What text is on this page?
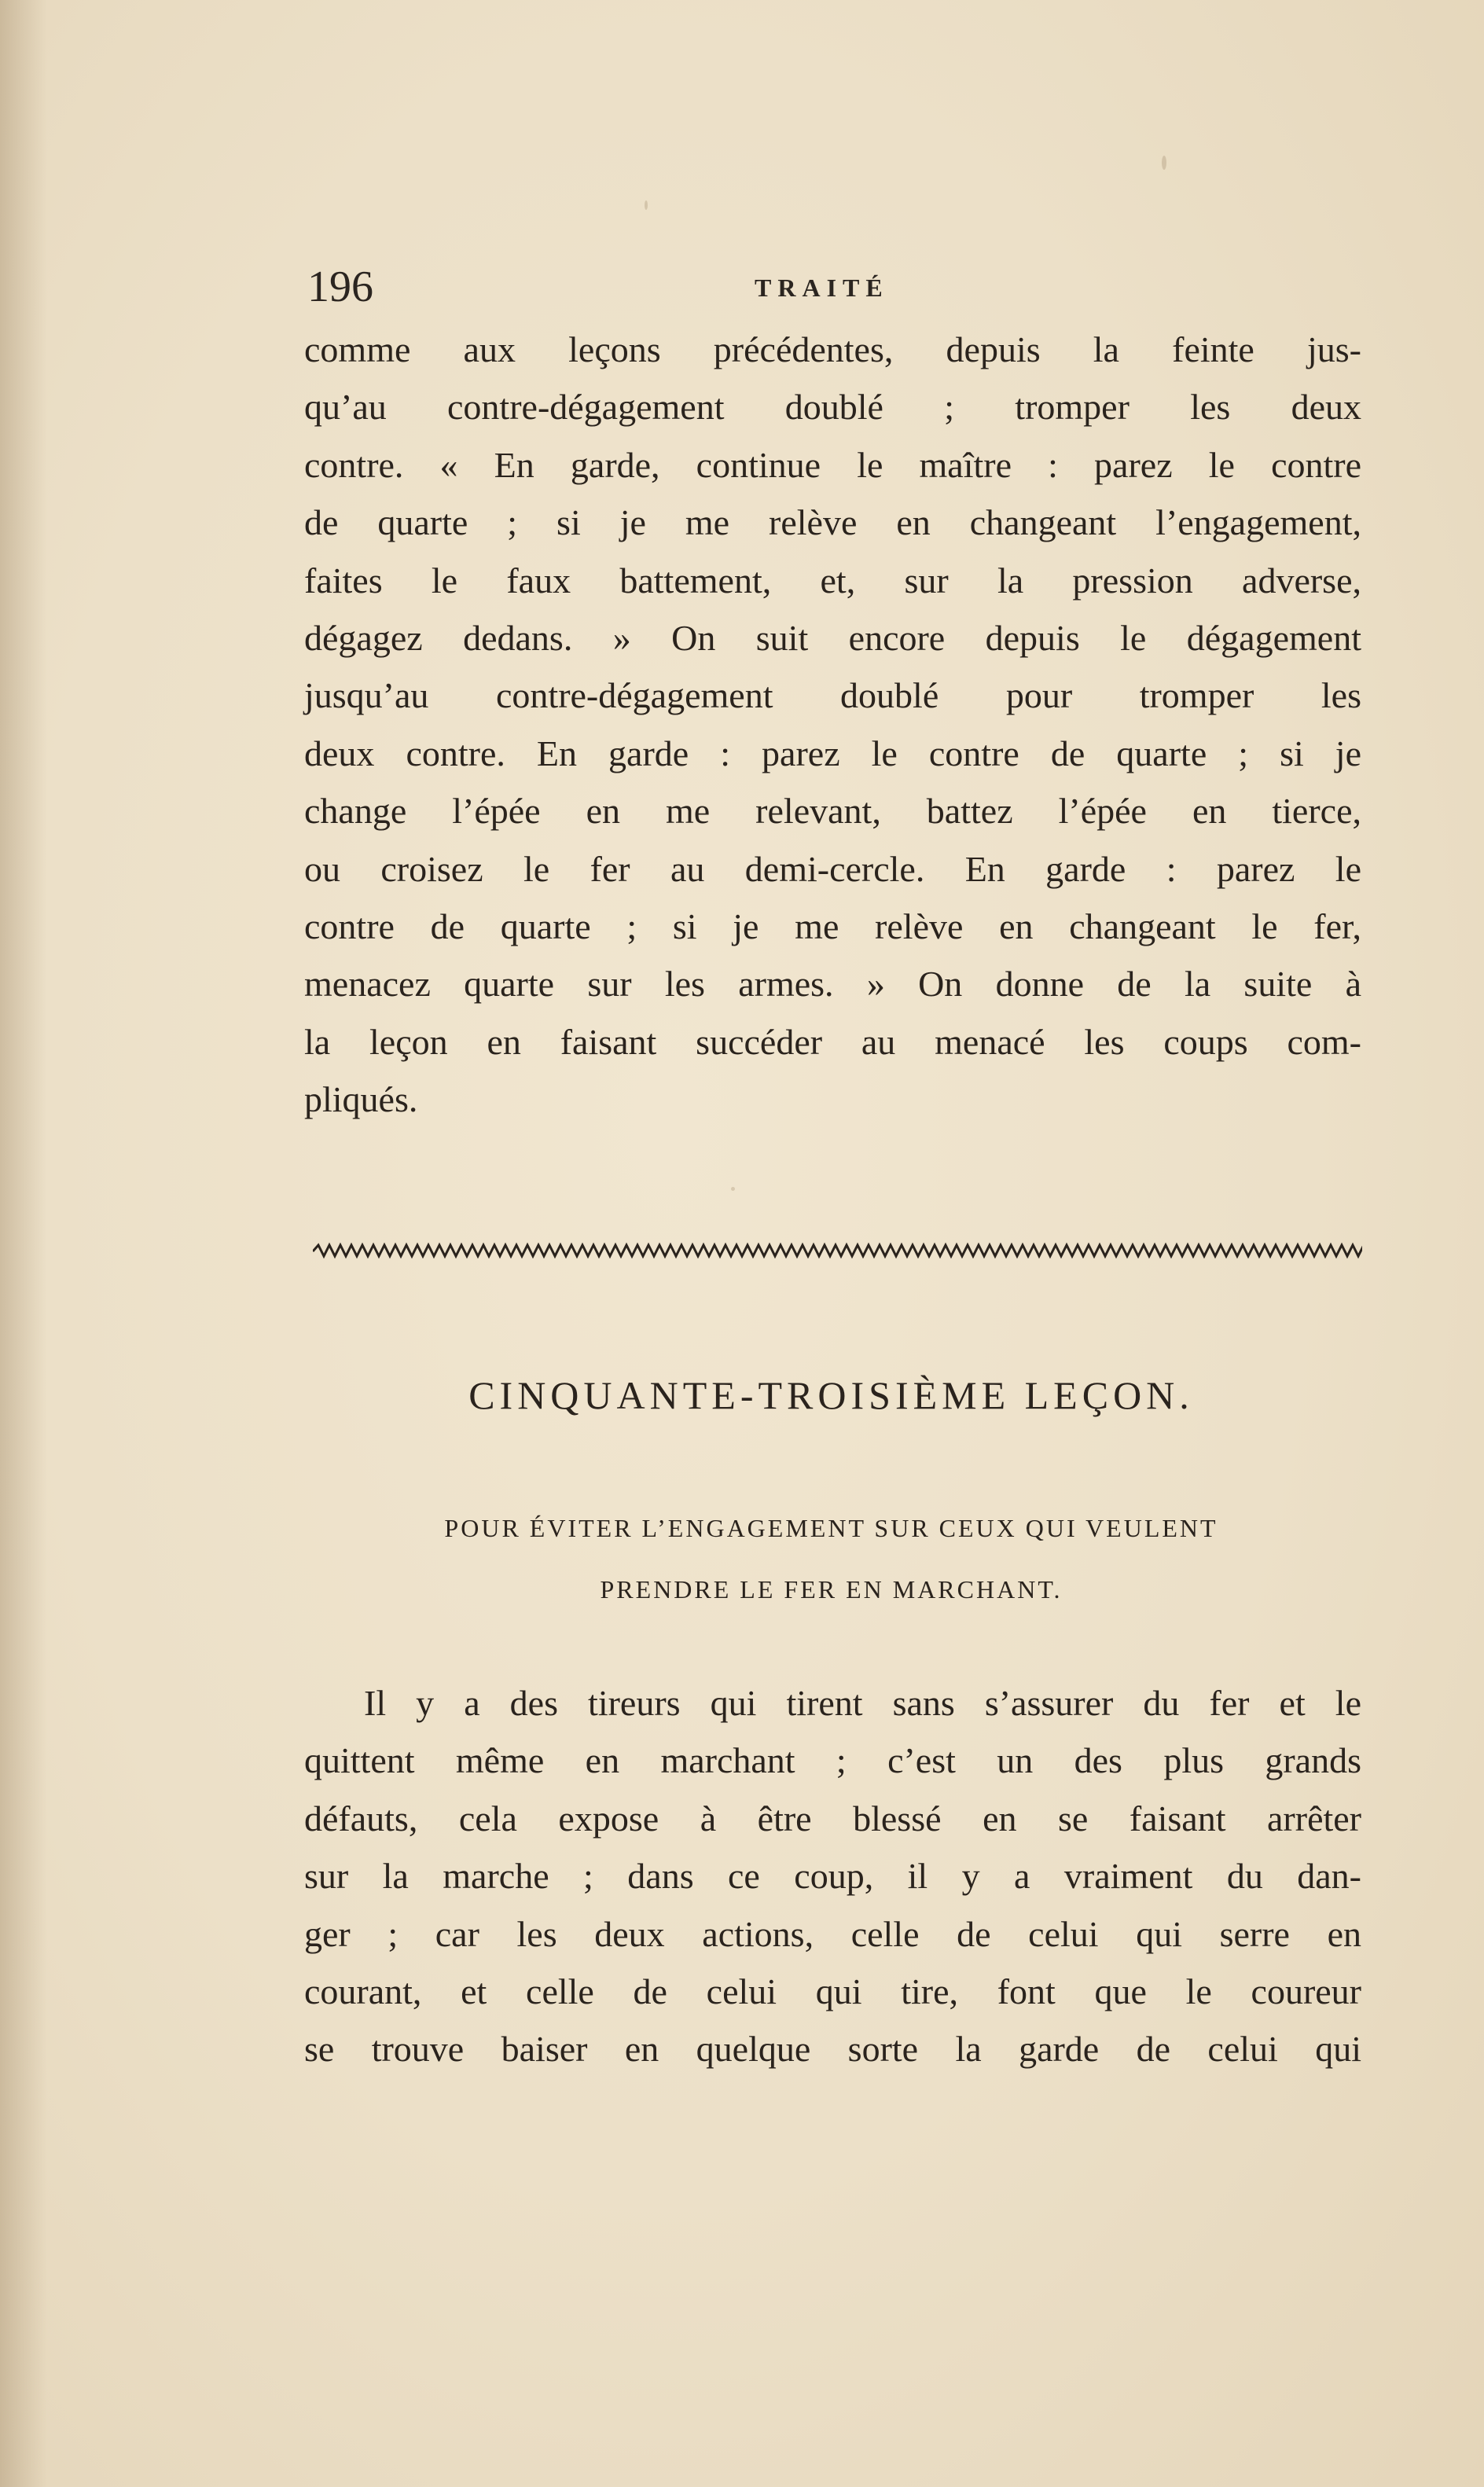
196	TRAITÉ
comme aux leçons précédentes, depuis la feinte jus-
qu’au contre-dégagement doublé ; tromper les deux
contre. « En garde, continue le maître : parez le contre
de quarte ; si je me relève en changeant l’engagement,
faites le faux battement, et, sur la pression adverse,
dégagez dedans. » On suit encore depuis le dégagement
jusqu’au contre-dégagement doublé pour tromper les
deux contre. En garde : parez le contre de quarte ; si je
change l’épée en me relevant, battez l’épée en tierce,
ou croisez le fer au demi-cercle. En garde : parez le
contre de quarte ; si je me relève en changeant le fer,
menacez quarte sur les armes. » On donne de la suite à
la leçon en faisant succéder au menacé les coups com-
pliqués.
CINQUANTE-TROISIÈME LEÇON.
POUR ÉVITER L’ENGAGEMENT SUR CEUX QUI VEULENT
PRENDRE LE FER EN MARCHANT.
Il y a des tireurs qui tirent sans s’assurer du fer et le
quittent même en marchant ; c’est un des plus grands
défauts, cela expose à être blessé en se faisant arrêter
sur la marche ; dans ce coup, il y a vraiment du dan-
ger ; car les deux actions, celle de celui qui serre en
courant, et celle de celui qui tire, font que le coureur
se trouve baiser en quelque sorte la garde de celui qui
